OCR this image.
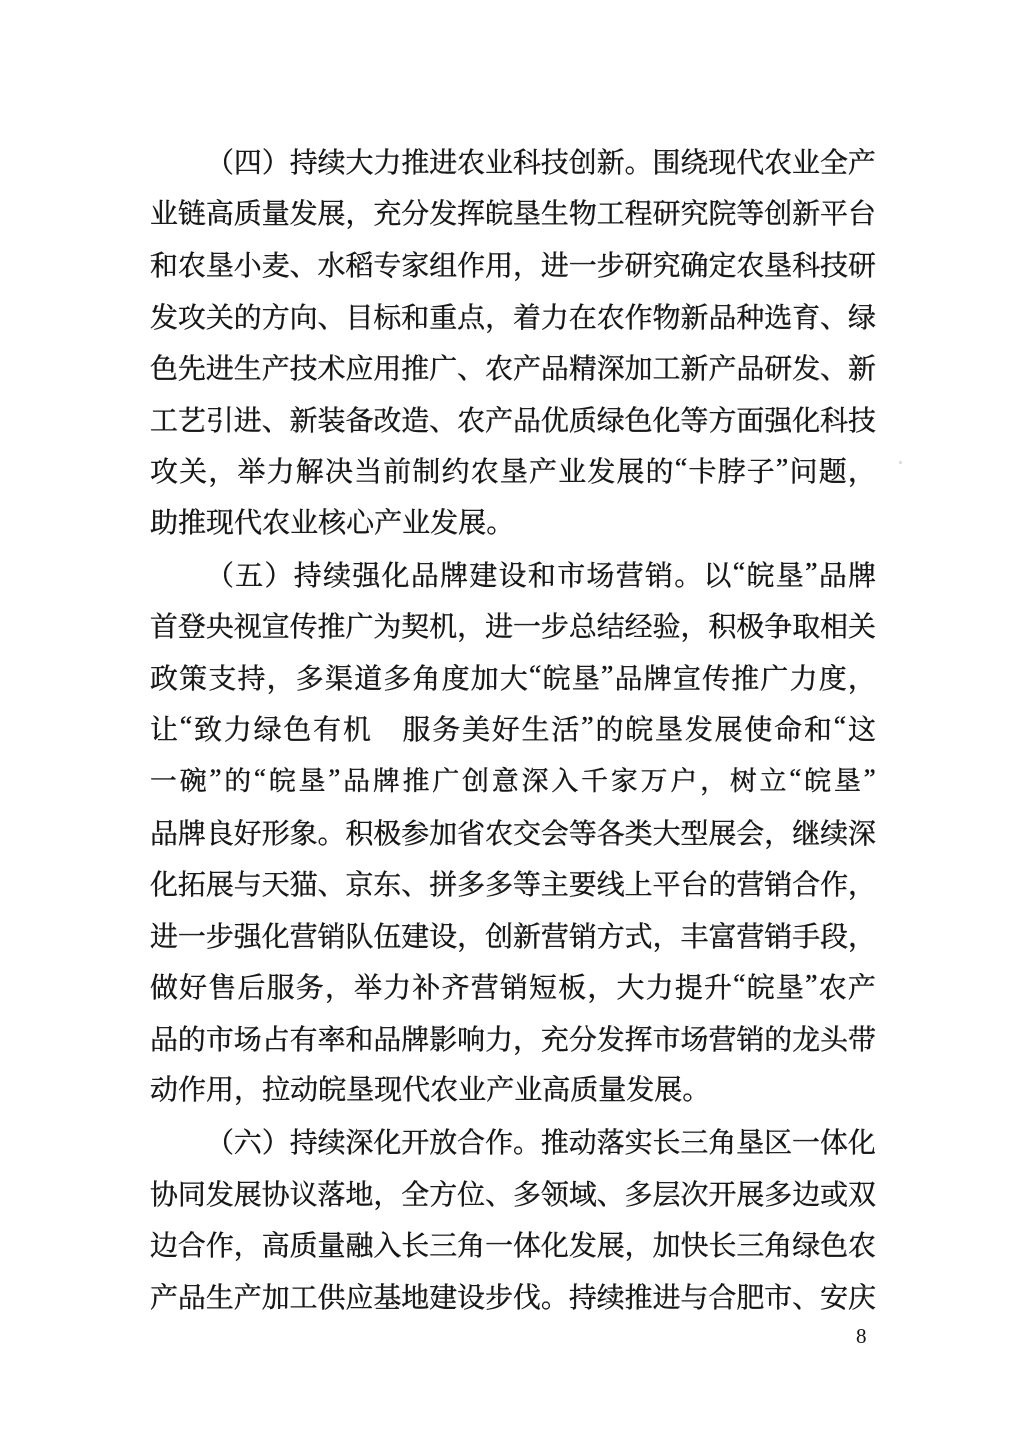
（ 四 ） 持 续 大 力 推 进 农 业 科 技 创 新 。 围 绕 现 代 农 业 全 产
业 链 高 质 量 发 展 ， 充 分 发 挥 皖 垦 生 物 工 程 研 究 院 等 创 新 平 台
和 农 垦 小 麦 、 水 稻 专 家 组 作 用 ， 进 一 步 研 究 确 定 农 垦 科 技 研
发 攻 关 的 方 向 、 目 标 和 重 点 ， 着 力 在 农 作 物 新 品 种 选 育 、 绿
色 先 进 生 产 技 术 应 用 推 广 、 农 产 品 精 深 加 工 新 产 品 研 发 、 新
工 艺 引 进 、 新 装 备 改 造 、 农 产 品 优 质 绿 色 化 等 方 面 强 化 科 技
攻 关 ， 举 力 解 决 当 前 制 约 农 垦 产 业 发 展 的 “ 卡 脖 子 ” 问 题 ，
助 推 现 代 农 业 核 心 产 业 发 展 。
（ 五 ） 持 续 强 化 品 牌 建 设 和 市 场 营 销 。 以 “ 皖 垦 ” 品 牌
首 登 央 视 宣 传 推 广 为 契 机 ， 进 一 步 总 结 经 验 ， 积 极 争 取 相 关
政 策 支 持 ， 多 渠 道 多 角 度 加 大 “ 皖 垦 ” 品 牌 宣 传 推 广 力 度 ，
让 “ 致 力 绿 色 有 机
　 服 务 美 好 生 活 ” 的 皖 垦 发 展 使 命 和 “ 这
一 碗 ” 的 “ 皖 垦 ” 品 牌 推 广 创 意 深 入 千 家 万 户 ， 树 立 “ 皖 垦 ”
品 牌 良 好 形 象 。 积 极 参 加 省 农 交 会 等 各 类 大 型 展 会 ， 继 续 深
化 拓 展 与 天 猫 、 京 东 、 拼 多 多 等 主 要 线 上 平 台 的 营 销 合 作 ，
进 一 步 强 化 营 销 队 伍 建 设 ， 创 新 营 销 方 式 ， 丰 富 营 销 手 段 ，
做 好 售 后 服 务 ， 举 力 补 齐 营 销 短 板 ， 大 力 提 升 “ 皖 垦 ” 农 产
品 的 市 场 占 有 率 和 品 牌 影 响 力 ， 充 分 发 挥 市 场 营 销 的 龙 头 带
动 作 用 ， 拉 动 皖 垦 现 代 农 业 产 业 高 质 量 发 展 。
（ 六 ） 持 续 深 化 开 放 合 作 。 推 动 落 实 长 三 角 垦 区 一 体 化
协 同 发 展 协 议 落 地 ， 全 方 位 、 多 领 域 、 多 层 次 开 展 多 边 或 双
边 合 作 ， 高 质 量 融 入 长 三 角 一 体 化 发 展 ， 加 快 长 三 角 绿 色 农
产 品 生 产 加 工 供 应 基 地 建 设 步 伐 。 持 续 推 进 与 合 肥 市 、 安 庆
8
